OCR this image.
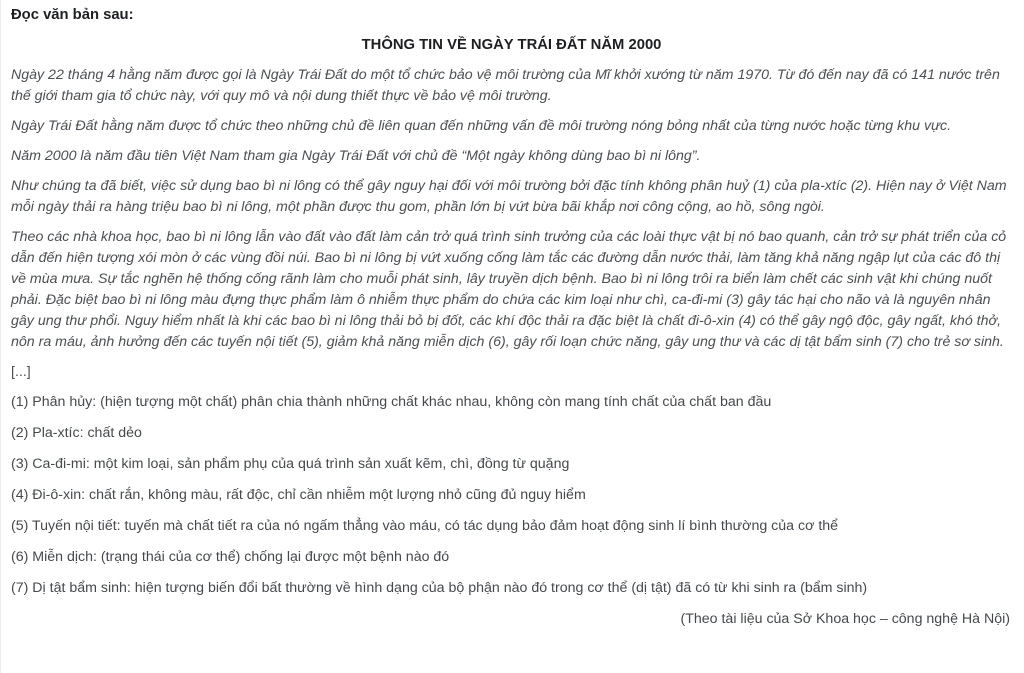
Đọc văn bản sau:

THÔNG TIN VỀ NGÀY TRÁI ĐẤT NĂM 2000

Ngày 22 tháng 4 hằng năm được gọi là Ngày Trái Đất do một tổ chức bảo vệ môi trường của Mĩ khởi xướng từ năm 1970. Từ đó đến nay đã có 141 nước trên thế giới tham gia tổ chức này, với quy mô và nội dung thiết thực về bảo vệ môi trường.

Ngày Trái Đất hằng năm được tổ chức theo những chủ đề liên quan đến những vấn đề môi trường nóng bỏng nhất của từng nước hoặc từng khu vực.

Năm 2000 là năm đầu tiên Việt Nam tham gia Ngày Trái Đất với chủ đề “Một ngày không dùng bao bì ni lông”.

Như chúng ta đã biết, việc sử dụng bao bì ni lông có thể gây nguy hại đối với môi trường bởi đặc tính không phân huỷ (1) của pla-xtíc (2). Hiện nay ở Việt Nam mỗi ngày thải ra hàng triệu bao bì ni lông, một phần được thu gom, phần lớn bị vứt bừa bãi khắp nơi công cộng, ao hồ, sông ngòi.

Theo các nhà khoa học, bao bì ni lông lẫn vào đất vào đất làm cản trở quá trình sinh trưởng của các loài thực vật bị nó bao quanh, cản trở sự phát triển của cỏ dẫn đến hiện tượng xói mòn ở các vùng đồi núi. Bao bì ni lông bị vứt xuống cống làm tắc các đường dẫn nước thải, làm tăng khả năng ngập lụt của các đô thị về mùa mưa. Sự tắc nghẽn hệ thống cống rãnh làm cho muỗi phát sinh, lây truyền dịch bệnh. Bao bì ni lông trôi ra biển làm chết các sinh vật khi chúng nuốt phải. Đặc biệt bao bì ni lông màu đựng thực phẩm làm ô nhiễm thực phẩm do chứa các kim loại như chì, ca-đi-mi (3) gây tác hại cho não và là nguyên nhân gây ung thư phổi. Nguy hiểm nhất là khi các bao bì ni lông thải bỏ bị đốt, các khí độc thải ra đặc biệt là chất đi-ô-xin (4) có thể gây ngộ độc, gây ngất, khó thở, nôn ra máu, ảnh hưởng đến các tuyến nội tiết (5), giảm khả năng miễn dịch (6), gây rối loạn chức năng, gây ung thư và các dị tật bẩm sinh (7) cho trẻ sơ sinh.

[...]

(1) Phân hủy: (hiện tượng một chất) phân chia thành những chất khác nhau, không còn mang tính chất của chất ban đầu

(2) Pla-xtíc: chất dẻo

(3) Ca-đi-mi: một kim loại, sản phẩm phụ của quá trình sản xuất kẽm, chì, đồng từ quặng

(4) Đi-ô-xin: chất rắn, không màu, rất độc, chỉ cần nhiễm một lượng nhỏ cũng đủ nguy hiểm

(5) Tuyến nội tiết: tuyến mà chất tiết ra của nó ngấm thẳng vào máu, có tác dụng bảo đảm hoạt động sinh lí bình thường của cơ thể

(6) Miễn dịch: (trạng thái của cơ thể) chống lại được một bệnh nào đó

(7) Dị tật bẩm sinh: hiện tượng biến đổi bất thường về hình dạng của bộ phận nào đó trong cơ thể (dị tật) đã có từ khi sinh ra (bẩm sinh)

(Theo tài liệu của Sở Khoa học – công nghệ Hà Nội)
